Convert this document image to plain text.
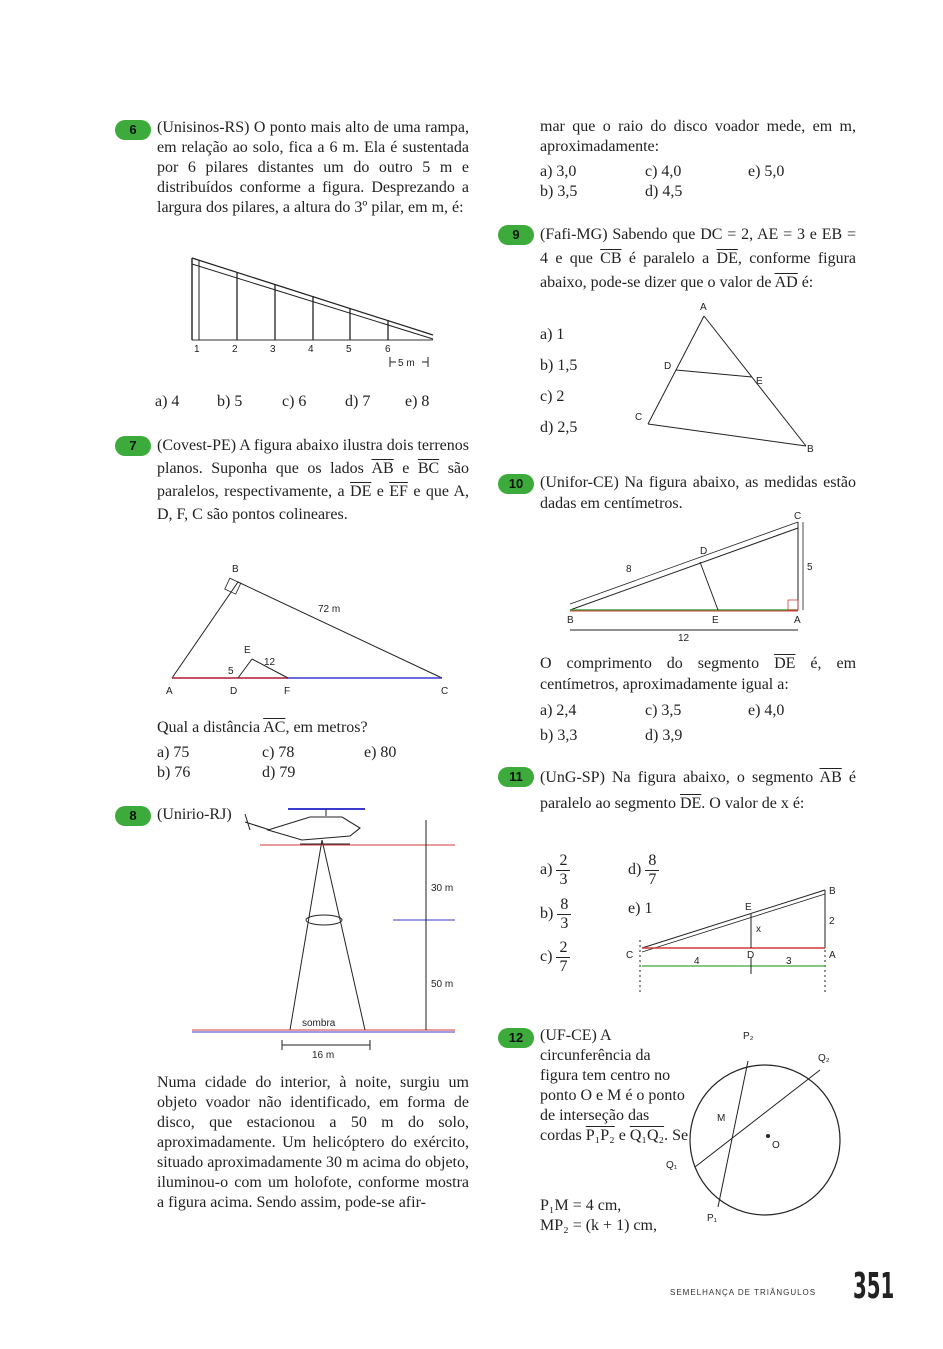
6	(Unisinos-RS) O ponto mais alto de uma rampa, em relação ao solo, fica a 6 m. Ela é sustentada por 6 pilares distantes um do outro 5 m e distribuídos conforme a figura. Desprezando a largura dos pilares, a altura do 3º pilar, em m, é:
1	2	3	4	5	6
5 m
a) 4 b) 5 c) 6 d) 7 e) 8
7	(Covest-PE) A figura abaixo ilustra dois terrenos planos. Suponha que os lados $\overline{AB}$ e $\overline{BC}$ são paralelos, respectivamente, a $\overline{DE}$ e $\overline{EF}$ e que A, D, F, C são pontos colineares.
B
A	D	F	C
E
72 m
5
12
Qual a distância $\overline{AC}$, em metros?
a) 75
b) 76
c) 78
d) 79
e) 80
8	(Unirio-RJ)
30 m
50 m
sombra
16 m
Numa cidade do interior, à noite, surgiu um objeto voador não identificado, em forma de disco, que estacionou a 50 m do solo, aproximadamente. Um helicóptero do exército, situado aproximadamente 30 m acima do objeto, iluminou-o com um holofote, conforme mostra a figura acima. Sendo assim, pode-se afir-
mar que o raio do disco voador mede, em m, aproximadamente:
a) 3,0	c) 4,0	e) 5,0
b) 3,5	d) 4,5
9	(Fafi-MG) Sabendo que DC = 2, AE = 3 e EB = 4 e que $\overline{CB}$ é paralelo a $\overline{DE}$, conforme figura abaixo, pode-se dizer que o valor de $\overline{AD}$ é:
a) 1
b) 1,5
c) 2
d) 2,5
A
D
E
C
B
10	(Unifor-CE) Na figura abaixo, as medidas estão dadas em centímetros.
C
D
B	E	A
8	5
12
O comprimento do segmento $\overline{DE}$ é, em centímetros, aproximadamente igual a:
a) 2,4	c) 3,5	e) 4,0
b) 3,3	d) 3,9
11	(UnG-SP) Na figura abaixo, o segmento $\overline{AB}$ é paralelo ao segmento $\overline{DE}$. O valor de x é:
$a) \frac{2}{3}$	$d) \frac{8}{7}$
$b) \frac{8}{3}$	e) 1
$c) \frac{2}{7}$
B
E
x
2
C	D	A
4	3
12	(UF-CE) A circunferência da figura tem centro no ponto O e M é o ponto de interseção das cordas P₁P₂ e Q₁Q₂. Se
P₁M = 4 cm,
MP₂ = (k + 1) cm,
P₂
Q₂
M
O
Q₁
P₁
SEMELHANÇA DE TRIÂNGULOS 351
